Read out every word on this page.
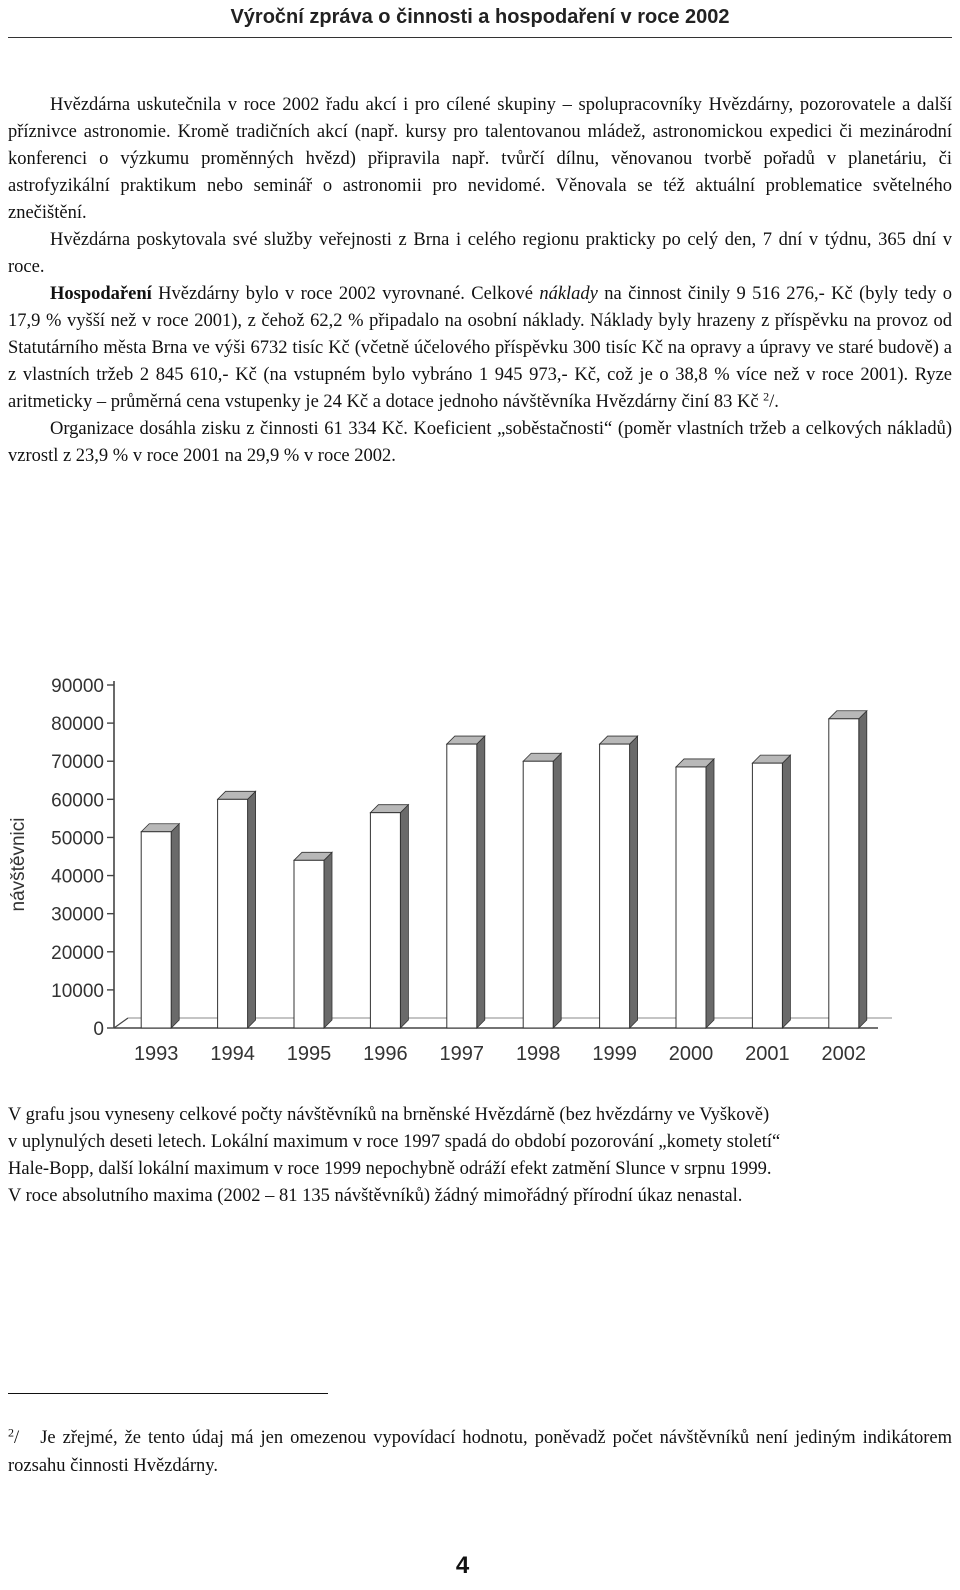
Výroční zpráva o činnosti a hospodaření v roce 2002

Hvězdárna uskutečnila v roce 2002 řadu akcí i pro cílené skupiny – spolupracovníky Hvězdárny, pozorovatele a další příznivce astronomie. Kromě tradičních akcí (např. kursy pro talentovanou mládež, astronomickou expedici či mezinárodní konferenci o výzkumu proměnných hvězd) připravila např. tvůrčí dílnu, věnovanou tvorbě pořadů v planetáriu, či astrofyzikální praktikum nebo seminář o astronomii pro nevidomé. Věnovala se též aktuální problematice světelného znečištění.

Hvězdárna poskytovala své služby veřejnosti z Brna i celého regionu prakticky po celý den, 7 dní v týdnu, 365 dní v roce.

Hospodaření Hvězdárny bylo v roce 2002 vyrovnané. Celkové náklady na činnost činily 9 516 276,- Kč (byly tedy o 17,9 % vyšší než v roce 2001), z čehož 62,2 % připadalo na osobní náklady. Náklady byly hrazeny z příspěvku na provoz od Statutárního města Brna ve výši 6732 tisíc Kč (včetně účelového příspěvku 300 tisíc Kč na opravy a úpravy ve staré budově) a z vlastních tržeb 2 845 610,- Kč (na vstupném bylo vybráno 1 945 973,- Kč, což je o 38,8 % více než v roce 2001). Ryze aritmeticky – průměrná cena vstupenky je 24 Kč a dotace jednoho návštěvníka Hvězdárny činí 83 Kč $^2$/.

Organizace dosáhla zisku z činnosti 61 334 Kč. Koeficient „soběstačnosti“ (poměr vlastních tržeb a celkových nákladů) vzrostl z 23,9 % v roce 2001 na 29,9 % v roce 2002.

0
10000
20000
30000
40000
50000
60000
70000
80000
90000
návštěvnici
1993 1994 1995 1996 1997 1998 1999 2000 2001 2002

V grafu jsou vyneseny celkové počty návštěvníků na brněnské Hvězdárně (bez hvězdárny ve Vyškově)

v uplynulých deseti letech. Lokální maximum v roce 1997 spadá do období pozorování „komety století“

Hale-Bopp, další lokální maximum v roce 1999 nepochybně odráží efekt zatmění Slunce v srpnu 1999.

V roce absolutního maxima (2002 – 81 135 návštěvníků) žádný mimořádný přírodní úkaz nenastal.

$^2$/ Je zřejmé, že tento údaj má jen omezenou vypovídací hodnotu, poněvadž počet návštěvníků není jediným indikátorem rozsahu činnosti Hvězdárny.

4
